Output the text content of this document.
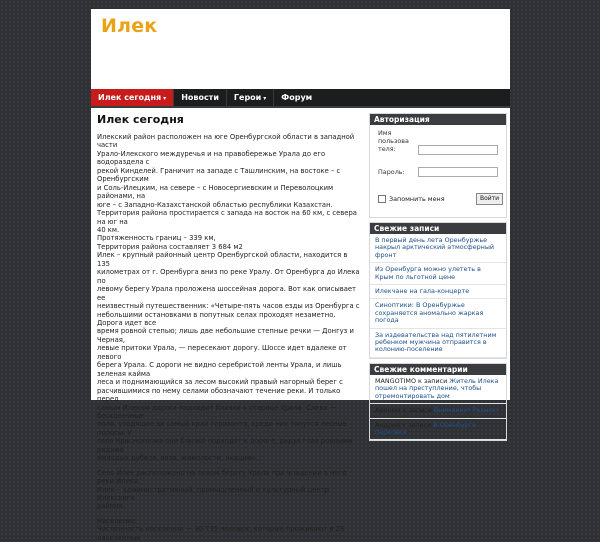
Илек
Илек сегодня ▾	Новости	Герои ▾	Форум
Илек сегодня

Илекский район расположен на юге Оренбургской области в западной части
Урало-Илекского междуречья и на правобережье Урала до его водораздела с
рекой Кинделей. Граничит на западе с Ташлинским, на востоке – с Оренбургским
и Соль-Илецким, на севере – с Новосергиевским и Переволоцким районами, на
юге – с Западно-Казахстанской областью республики Казахстан.
Территория района простирается с запада на восток на 60 км, с севера на юг на
40 км.
Протяженность границ – 339 км,
Территория района составляет 3 684 м2
Илек – крупный районный центр Оренбургской области, находится в 135
километрах от г. Оренбурга вниз по реке Уралу. От Оренбурга до Илека по
левому берегу Урала проложена шоссейная дорога. Вот как описывает ее
неизвестный путешественник: «Четыре-пять часов езды из Оренбурга с
небольшими остановками в попутных селах проходят незаметно. Дорога идет все
время ровной степью; лишь две небольшие степные речки — Донгуз и Черная,
левые притоки Урала, — пересекают дорогу. Шоссе идет вдалеке от левого
берега Урала. С дороги не видно серебристой ленты Урала, и лишь зеленая каймa
леса и поднимающийся за лесом высокий правый нагорный берег с
расчившимися по нему селами обозначают течение реки. И только перед
самым Илеком дорога подходит близко к старице Урала. Слева — бесконечные
поля, уходящие за самый край горизонта, среди них тянутся лесные полосы. У
села Краснохолма они близко подходят к дороге, радуя глаз ровными рядами
молодых дубков, вяза, жимолости, акации».

Село Илек расположено на левом берегу Урала при впадении в него реки Илека.
Илек – административный, промышленный и культурный центр Илекского
района.

Население
Численность населения — 30 735 человек, которые проживают в 26 населенных

Авторизация
Имя
пользова
теля:
Пароль:
Запомнить меня	Войти
Свежие записи
В первый день лета Оренбуржье накрыл арктический атмосферный фронт
Из Оренбурга можно улететь в Крым по льготной цене
Илекчане на гала-концерте
Синоптики: В Оренбуржье сохраняется аномально жаркая погода
За издевательства над пятилетним ребенком мужчина отправится в колонию-поселение
Свежие комментарии
MANGOTIMO к записи Житель Илека пошел на преступление, чтобы отремонтировать дом
Аноним к записи Внимание! Розыск!
Андрей к записи В Оренбурге парковка
